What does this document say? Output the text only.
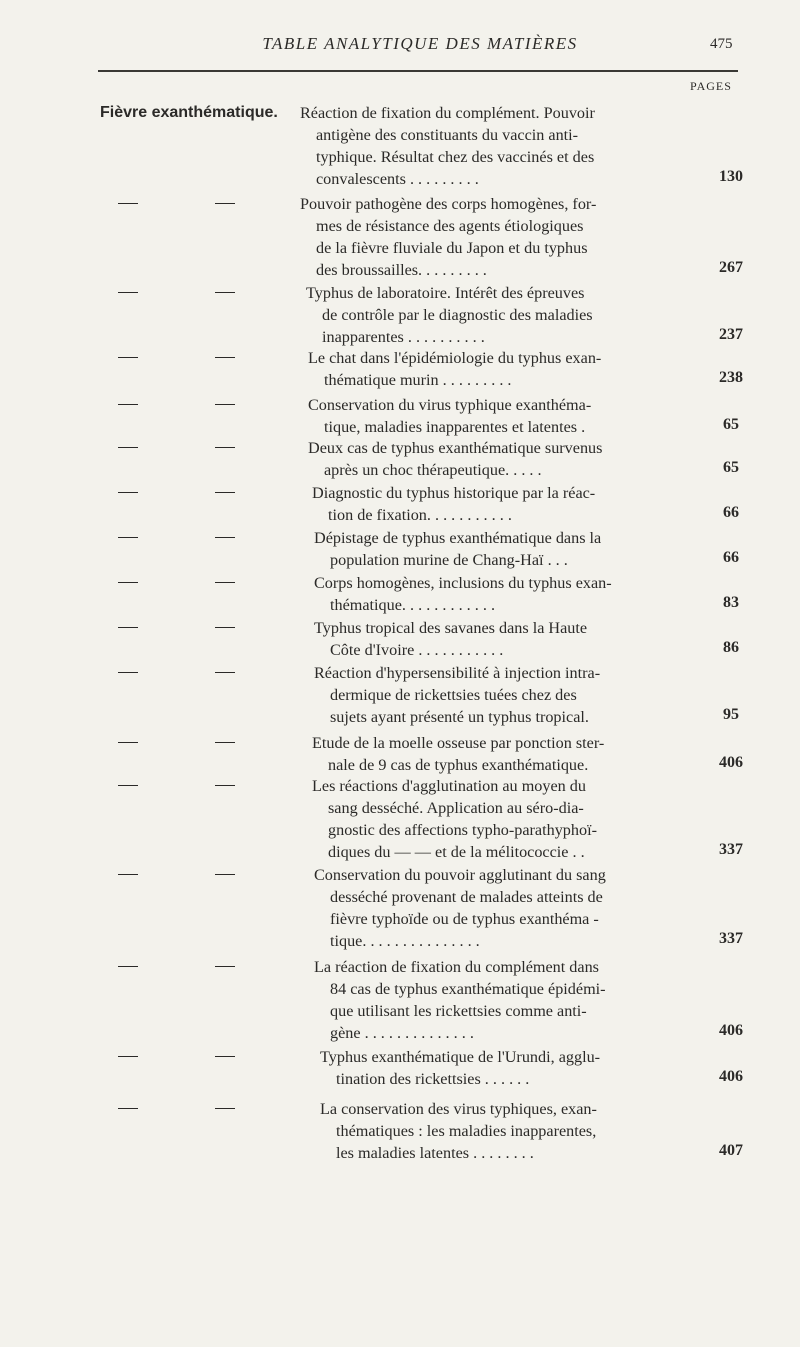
TABLE ANALYTIQUE DES MATIÈRES	475
PAGES
Fièvre exanthématique. Réaction de fixation du complément. Pouvoir
antigène des constituants du vaccin anti-
typhique. Résultat chez des vaccinés et des
convalescents . . . . . . . . .	130
Pouvoir pathogène des corps homogènes, for-
mes de résistance des agents étiologiques
de la fièvre fluviale du Japon et du typhus
des broussailles. . . . . . . . .	267
Typhus de laboratoire. Intérêt des épreuves
de contrôle par le diagnostic des maladies
inapparentes . . . . . . . . . .	237
Le chat dans l'épidémiologie du typhus exan-
thématique murin . . . . . . . . .	238
Conservation du virus typhique exanthéma-
tique, maladies inapparentes et latentes .	65
Deux cas de typhus exanthématique survenus
après un choc thérapeutique. . . . .	65
Diagnostic du typhus historique par la réac-
tion de fixation. . . . . . . . . . .	66
Dépistage de typhus exanthématique dans la
population murine de Chang-Haï . . .	66
Corps homogènes, inclusions du typhus exan-
thématique. . . . . . . . . . . .	83
Typhus tropical des savanes dans la Haute
Côte d'Ivoire . . . . . . . . . . .	86
Réaction d'hypersensibilité à injection intra-
dermique de rickettsies tuées chez des
sujets ayant présenté un typhus tropical.	95
Etude de la moelle osseuse par ponction ster-
nale de 9 cas de typhus exanthématique.	406
Les réactions d'agglutination au moyen du
sang desséché. Application au séro-dia-
gnostic des affections typho-parathyphoï-
diques du — — et de la mélitococcie . .	337
Conservation du pouvoir agglutinant du sang
desséché provenant de malades atteints de
fièvre typhoïde ou de typhus exanthéma -
tique. . . . . . . . . . . . . . .	337
La réaction de fixation du complément dans
84 cas de typhus exanthématique épidémi-
que utilisant les rickettsies comme anti-
gène . . . . . . . . . . . . . .	406
Typhus exanthématique de l'Urundi, agglu-
tination des rickettsies . . . . . .	406
La conservation des virus typhiques, exan-
thématiques : les maladies inapparentes,
les maladies latentes . . . . . . . .	407
